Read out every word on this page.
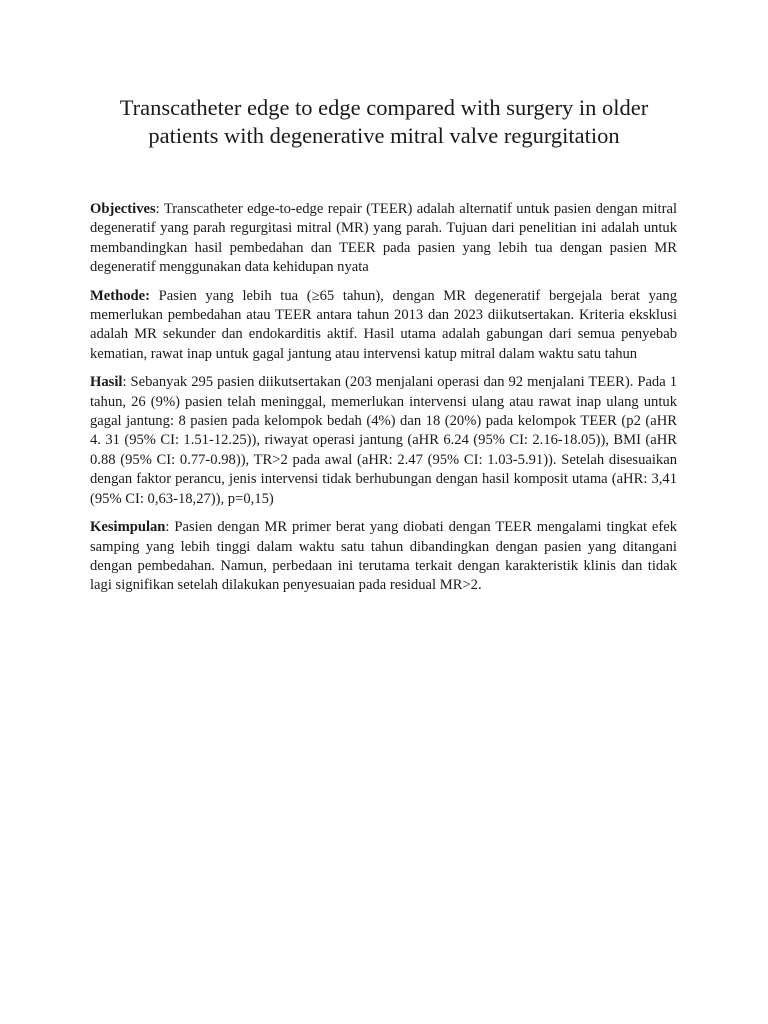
Transcatheter edge to edge compared with surgery in older
patients with degenerative mitral valve regurgitation

Objectives: Transcatheter edge-to-edge repair (TEER) adalah alternatif untuk pasien dengan mitral degeneratif yang parah regurgitasi mitral (MR) yang parah. Tujuan dari penelitian ini adalah untuk membandingkan hasil pembedahan dan TEER pada pasien yang lebih tua dengan pasien MR degeneratif menggunakan data kehidupan nyata

Methode: Pasien yang lebih tua (≥65 tahun), dengan MR degeneratif bergejala berat yang memerlukan pembedahan atau TEER antara tahun 2013 dan 2023 diikutsertakan. Kriteria eksklusi adalah MR sekunder dan endokarditis aktif. Hasil utama adalah gabungan dari semua penyebab kematian, rawat inap untuk gagal jantung atau intervensi katup mitral dalam waktu satu tahun

Hasil: Sebanyak 295 pasien diikutsertakan (203 menjalani operasi dan 92 menjalani TEER). Pada 1 tahun, 26 (9%) pasien telah meninggal, memerlukan intervensi ulang atau rawat inap ulang untuk gagal jantung: 8 pasien pada kelompok bedah (4%) dan 18 (20%) pada kelompok TEER (p2 (aHR 4. 31 (95% CI: 1.51-12.25)), riwayat operasi jantung (aHR 6.24 (95% CI: 2.16-18.05)), BMI (aHR 0.88 (95% CI: 0.77-0.98)), TR>2 pada awal (aHR: 2.47 (95% CI: 1.03-5.91)). Setelah disesuaikan dengan faktor perancu, jenis intervensi tidak berhubungan dengan hasil komposit utama (aHR: 3,41 (95% CI: 0,63-18,27)), p=0,15)

Kesimpulan: Pasien dengan MR primer berat yang diobati dengan TEER mengalami tingkat efek samping yang lebih tinggi dalam waktu satu tahun dibandingkan dengan pasien yang ditangani dengan pembedahan. Namun, perbedaan ini terutama terkait dengan karakteristik klinis dan tidak lagi signifikan setelah dilakukan penyesuaian pada residual MR>2.
